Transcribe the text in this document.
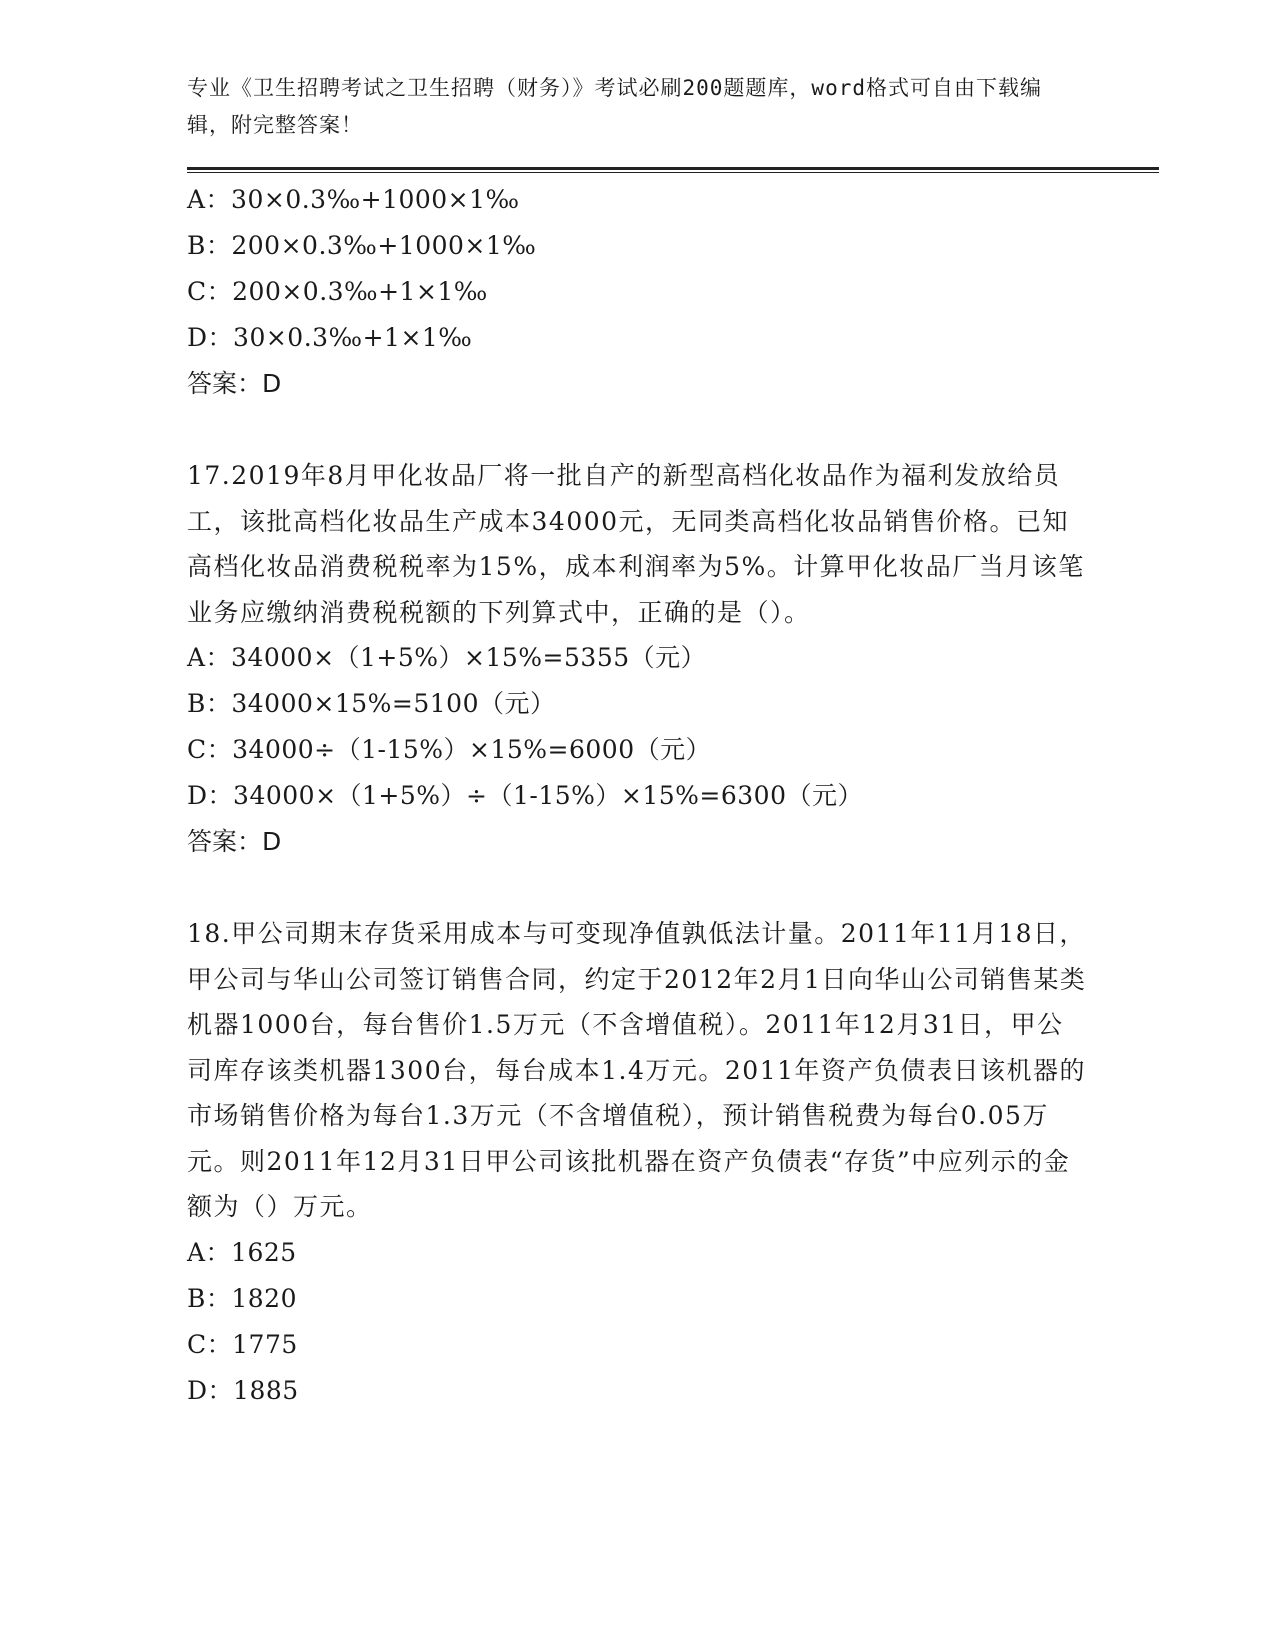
专业《卫生招聘考试之卫生招聘（财务）》考试必刷200题题库，word格式可自由下载编辑，附完整答案！
A：30×0.3‰+1000×1‰
B：200×0.3‰+1000×1‰
C：200×0.3‰+1×1‰
D：30×0.3‰+1×1‰
答案：D
17.2019年8月甲化妆品厂将一批自产的新型高档化妆品作为福利发放给员工，该批高档化妆品生产成本34000元，无同类高档化妆品销售价格。已知高档化妆品消费税税率为15%，成本利润率为5%。计算甲化妆品厂当月该笔业务应缴纳消费税税额的下列算式中，正确的是（）。
A：34000×（1+5%）×15%=5355（元）
B：34000×15%=5100（元）
C：34000÷（1-15%）×15%=6000（元）
D：34000×（1+5%）÷（1-15%）×15%=6300（元）
答案：D
18.甲公司期末存货采用成本与可变现净值孰低法计量。2011年11月18日，甲公司与华山公司签订销售合同，约定于2012年2月1日向华山公司销售某类机器1000台，每台售价1.5万元（不含增值税）。2011年12月31日，甲公司库存该类机器1300台，每台成本1.4万元。2011年资产负债表日该机器的市场销售价格为每台1.3万元（不含增值税），预计销售税费为每台0.05万元。则2011年12月31日甲公司该批机器在资产负债表“存货”中应列示的金额为（）万元。
A：1625
B：1820
C：1775
D：1885
